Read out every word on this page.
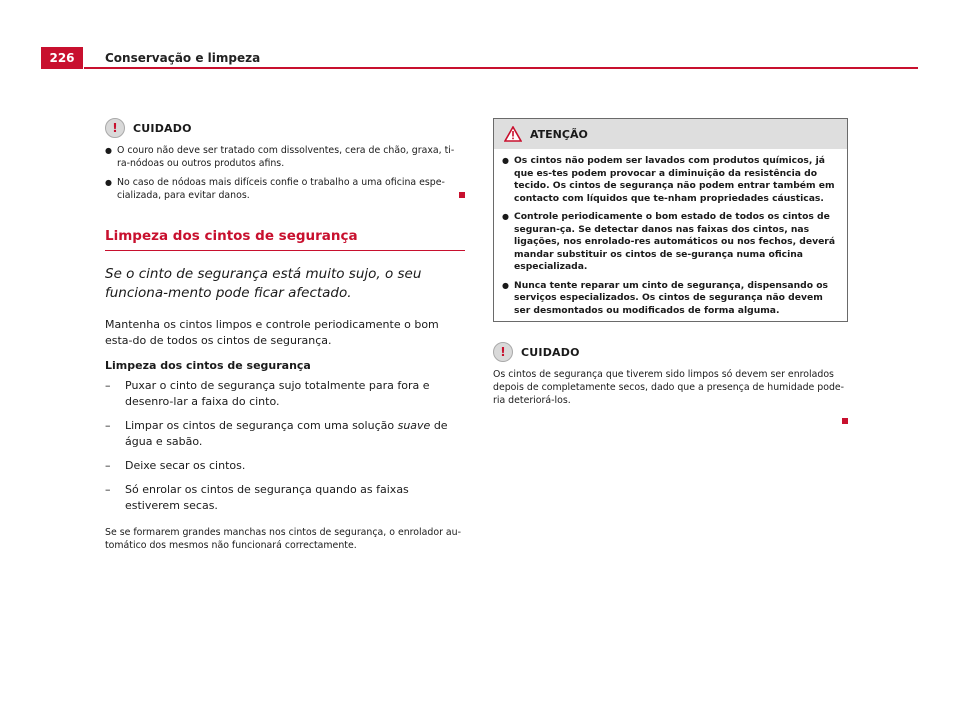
226	Conservação e limpeza
!	CUIDADO
● O couro não deve ser tratado com dissolventes, cera de chão, graxa, ti-ra-nódoas ou outros produtos afins.
● No caso de nódoas mais difíceis confie o trabalho a uma oficina espe-cializada, para evitar danos.
Limpeza dos cintos de segurança
Se o cinto de segurança está muito sujo, o seu funciona-mento pode ficar afectado.
Mantenha os cintos limpos e controle periodicamente o bom esta-do de todos os cintos de segurança.
Limpeza dos cintos de segurança
– Puxar o cinto de segurança sujo totalmente para fora e desenro-lar a faixa do cinto.
– Limpar os cintos de segurança com uma solução suave de água e sabão.
– Deixe secar os cintos.
– Só enrolar os cintos de segurança quando as faixas estiverem secas.
Se se formarem grandes manchas nos cintos de segurança, o enrolador au-tomático dos mesmos não funcionará correctamente.
ATENÇÃO
● Os cintos não podem ser lavados com produtos químicos, já que es-tes podem provocar a diminuição da resistência do tecido. Os cintos de segurança não podem entrar também em contacto com líquidos que te-nham propriedades cáusticas.
● Controle periodicamente o bom estado de todos os cintos de seguran-ça. Se detectar danos nas faixas dos cintos, nas ligações, nos enrolado-res automáticos ou nos fechos, deverá mandar substituir os cintos de se-gurança numa oficina especializada.
● Nunca tente reparar um cinto de segurança, dispensando os serviços especializados. Os cintos de segurança não devem ser desmontados ou modificados de forma alguma.
!	CUIDADO
Os cintos de segurança que tiverem sido limpos só devem ser enrolados depois de completamente secos, dado que a presença de humidade pode-ria deteriorá-los.
